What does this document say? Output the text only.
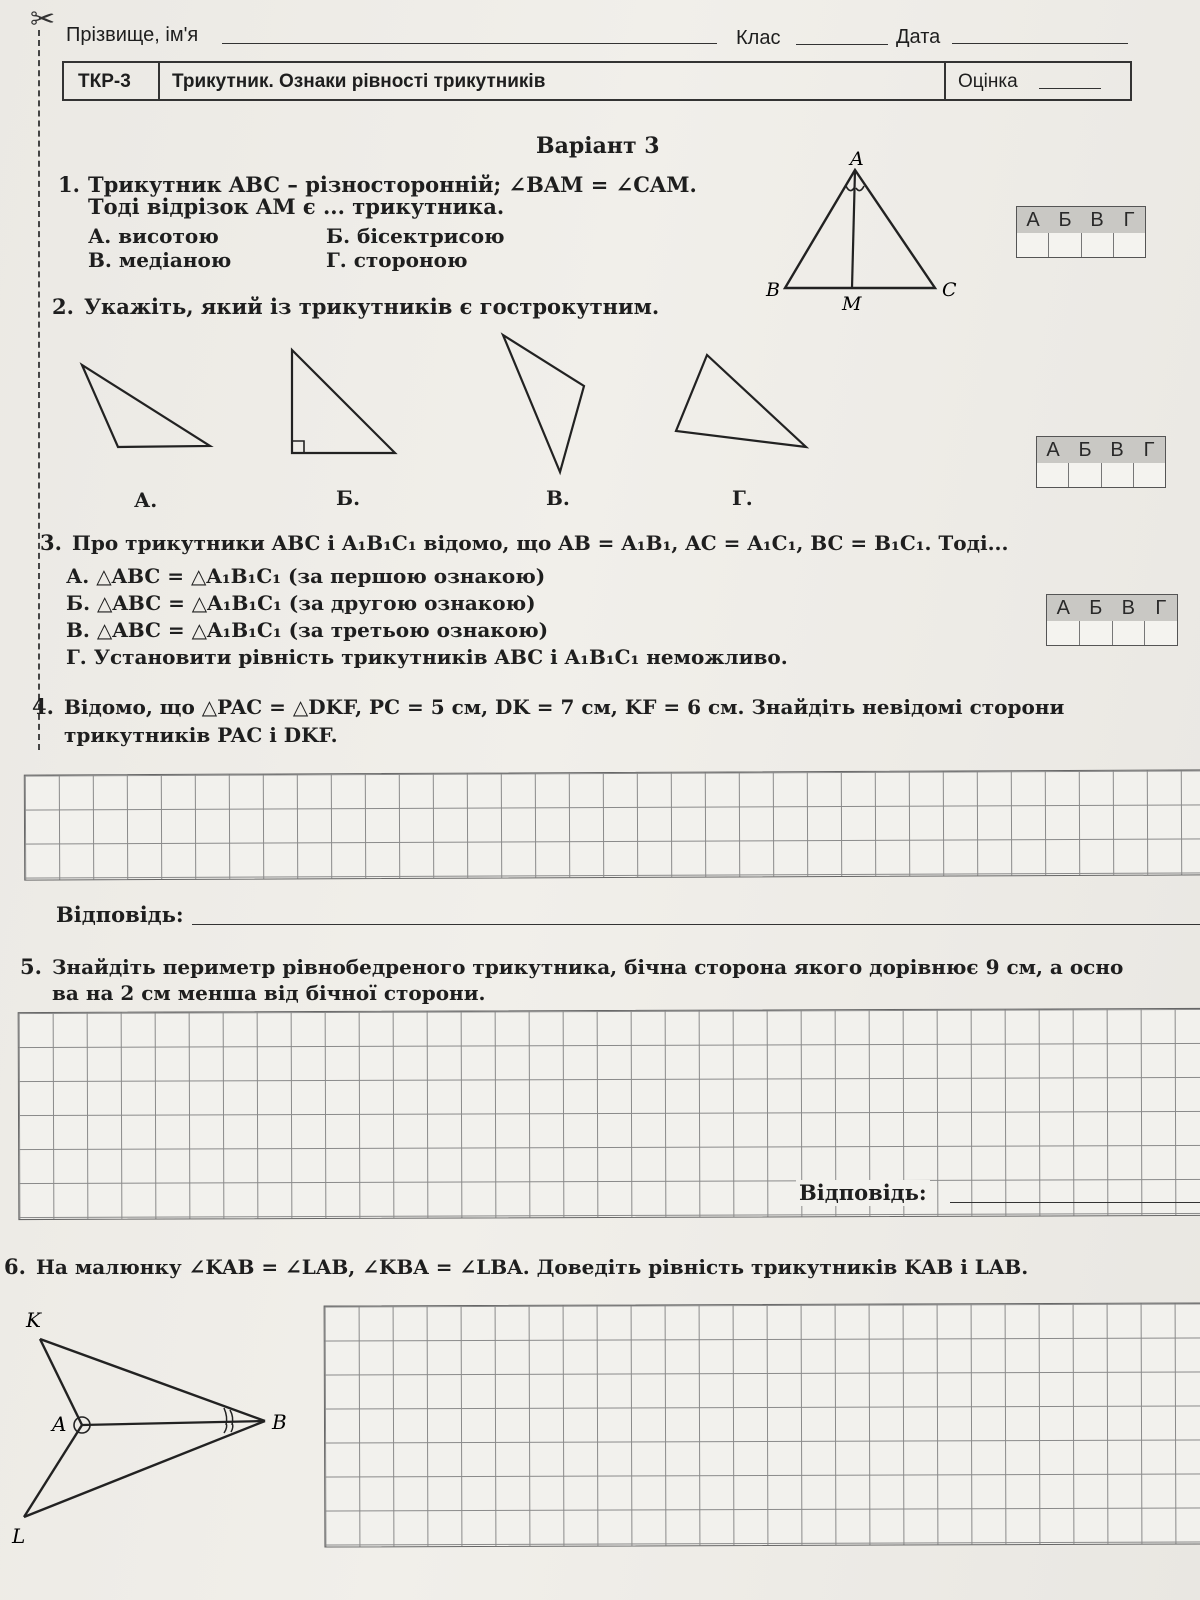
✂ Прізвище, ім'я	Клас	Дата
ТКР-3 Трикутник. Ознаки рівності трикутників	Оцінка
Варіант 3
1. Трикутник ABC – різносторонній; ∠BAM = ∠CAM.
Тоді відрізок AM є ... трикутника.
А. висотою	Б. бісектрисою
В. медіаною	Г. стороною
A
B	C
M
А Б В Г
2. Укажіть, який із трикутників є гострокутним.
А.	Б.	В.	Г.
А Б В Г
3. Про трикутники ABC і A₁B₁C₁ відомо, що AB = A₁B₁, AC = A₁C₁, BC = B₁C₁. Тоді...
А. △ABC = △A₁B₁C₁ (за першою ознакою)
Б. △ABC = △A₁B₁C₁ (за другою ознакою)
В. △ABC = △A₁B₁C₁ (за третьою ознакою)
Г. Установити рівність трикутників ABC і A₁B₁C₁ неможливо.
А Б В	Г
4. Відомо, що △PAC = △DKF, PC = 5 см, DK = 7 см, KF = 6 см. Знайдіть невідомі сторони
трикутників PAC і DKF.
Відповідь:
5. Знайдіть периметр рівнобедреного трикутника, бічна сторона якого дорівнює 9 см, а осно
ва на 2 см менша від бічної сторони.
Відповідь:
6. На малюнку ∠KAB = ∠LAB, ∠KBA = ∠LBA. Доведіть рівність трикутників KAB і LAB.
K
A	B
L
